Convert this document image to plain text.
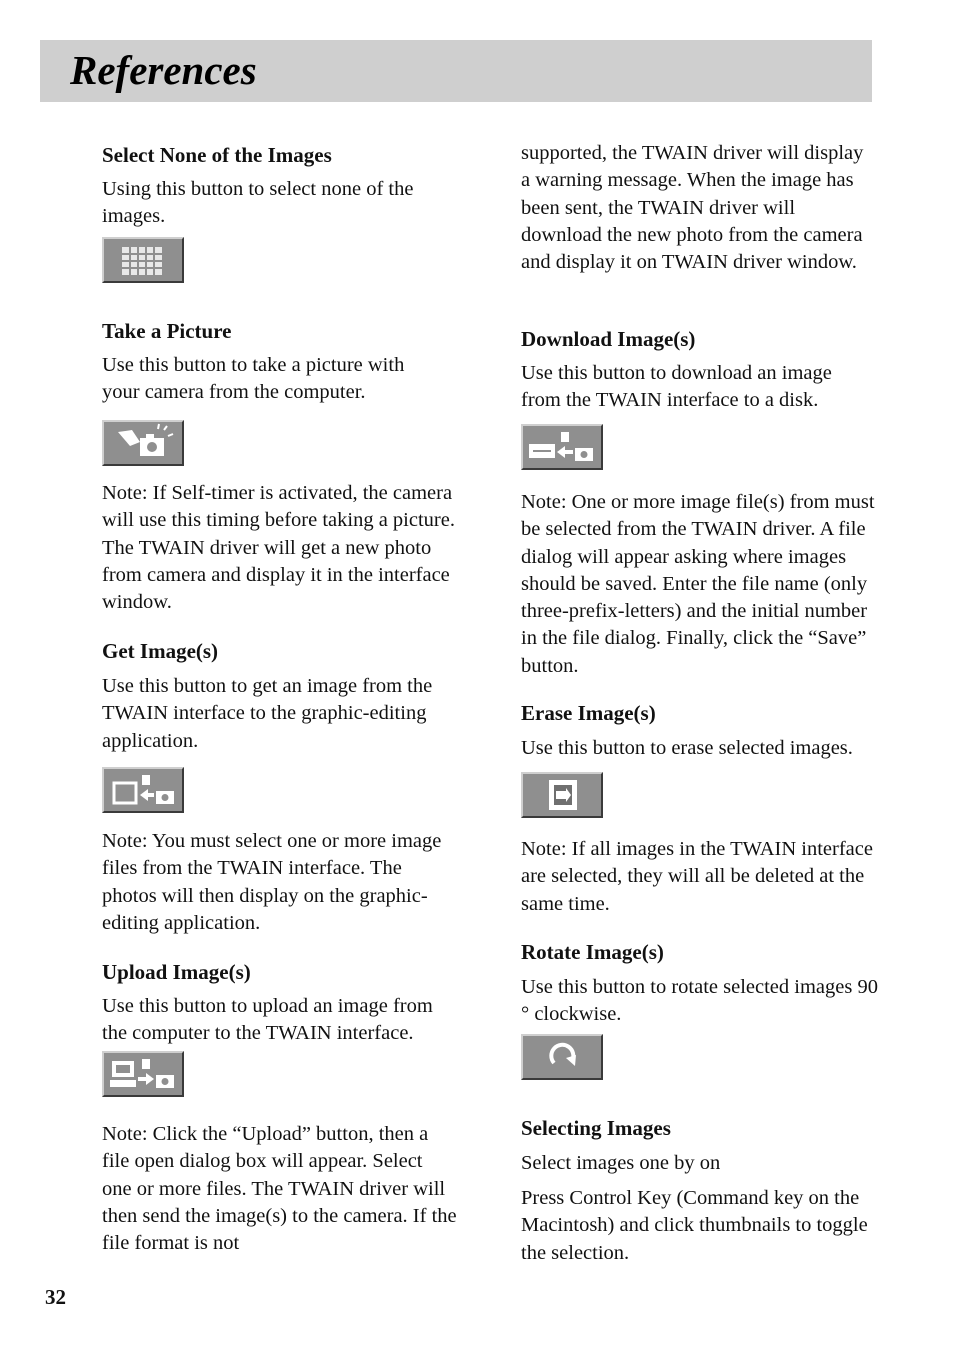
References
Select None of the Images
Using this button to select none of the images.
Take a Picture
Use this button to take a picture with your camera from the computer.
Note: If Self-timer is activated, the camera will use this timing before taking a picture. The TWAIN driver will get a new photo from camera and display it in the interface window.
Get Image(s)
Use this button to get an image from the TWAIN interface to the graphic-editing application.
Note: You must select one or more image files from the TWAIN interface. The photos will then display on the graphic-editing application.
Upload Image(s)
Use this button to upload an image from the computer to the TWAIN interface.
Note: Click the “Upload” button, then a file open dialog box will appear. Select one or more files. The TWAIN driver will then send the image(s) to the camera. If the file format is not
supported, the TWAIN driver will display a warning message. When the image has been sent, the TWAIN driver will download the new photo from the camera and display it on TWAIN driver window.
Download Image(s)
Use this button to download an image from the TWAIN interface to a disk.
Note: One or more image file(s) from must be selected from the TWAIN driver. A file dialog will appear asking where images should be saved. Enter the file name (only three-prefix-letters) and the initial number in the file dialog. Finally, click the “Save” button.
Erase Image(s)
Use this button to erase selected images.
Note: If all images in the TWAIN interface are selected, they will all be deleted at the same time.
Rotate Image(s)
Use this button to rotate selected images 90 ° clockwise.
Selecting Images
Select images one by on
Press Control Key (Command key on the Macintosh) and click thumbnails to toggle the selection.
32
